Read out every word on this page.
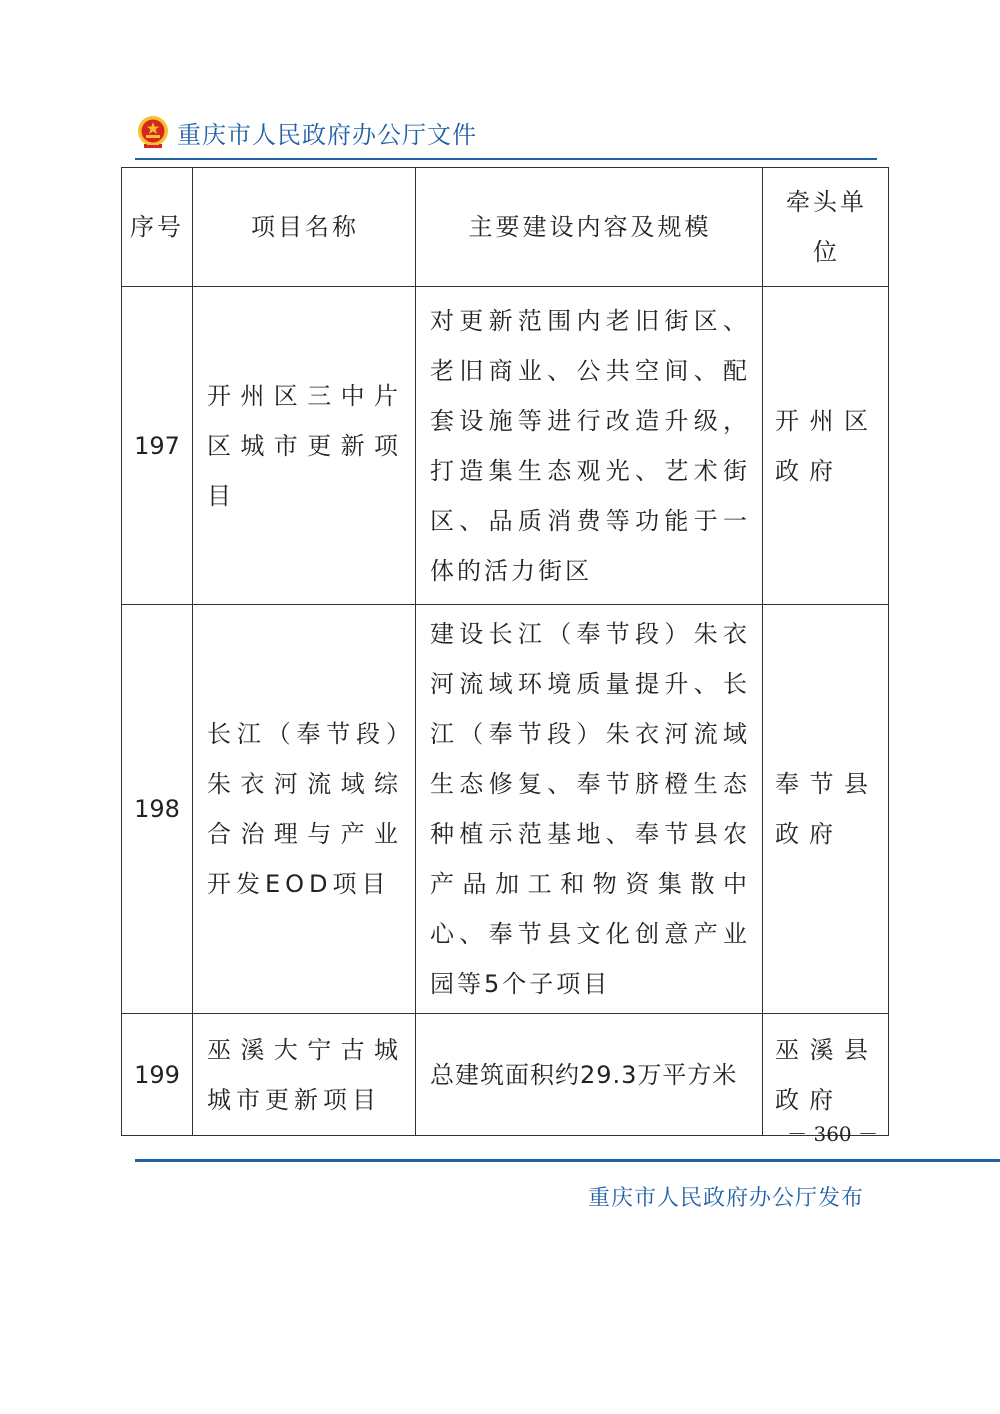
重庆市人民政府办公厅文件
序号	项目名称	主要建设内容及规模	牵头单位

197	开州区三中片区城市更新项目	对更新范围内老旧街区、老旧商业、公共空间、配套设施等进行改造升级，打造集生态观光、艺术街区、品质消费等功能于一体的活力街区	开州区政府

198	长江（奉节段）朱衣河流域综合治理与产业开发EOD项目	建设长江（奉节段）朱衣河流域环境质量提升、长江（奉节段）朱衣河流域生态修复、奉节脐橙生态种植示范基地、奉节县农产品加工和物资集散中心、奉节县文化创意产业园等5个子项目	奉节县政府

199	巫溪大宁古城城市更新项目	总建筑面积约29.3万平方米	巫溪县政府
－ 360 －
重庆市人民政府办公厅发布
